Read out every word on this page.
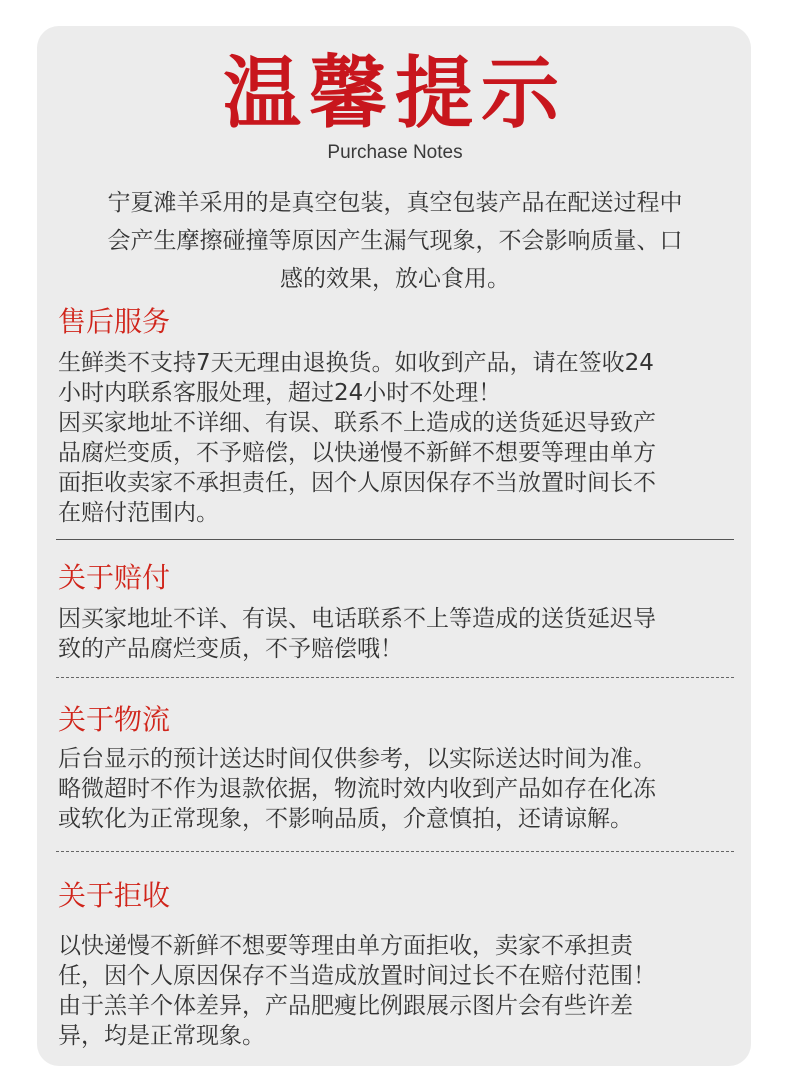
温馨提示
Purchase Notes
宁夏滩羊采用的是真空包装，真空包装产品在配送过程中
会产生摩擦碰撞等原因产生漏气现象，不会影响质量、口
感的效果，放心食用。
售后服务
生鲜类不支持7天无理由退换货。如收到产品，请在签收24
小时内联系客服处理，超过24小时不处理！
因买家地址不详细、有误、联系不上造成的送货延迟导致产
品腐烂变质，不予赔偿，以快递慢不新鲜不想要等理由单方
面拒收卖家不承担责任，因个人原因保存不当放置时间长不
在赔付范围内。
关于赔付
因买家地址不详、有误、电话联系不上等造成的送货延迟导
致的产品腐烂变质，不予赔偿哦！
关于物流
后台显示的预计送达时间仅供参考，以实际送达时间为准。
略微超时不作为退款依据，物流时效内收到产品如存在化冻
或软化为正常现象，不影响品质，介意慎拍，还请谅解。
关于拒收
以快递慢不新鲜不想要等理由单方面拒收，卖家不承担责
任，因个人原因保存不当造成放置时间过长不在赔付范围！
由于羔羊个体差异，产品肥瘦比例跟展示图片会有些许差
异，均是正常现象。
